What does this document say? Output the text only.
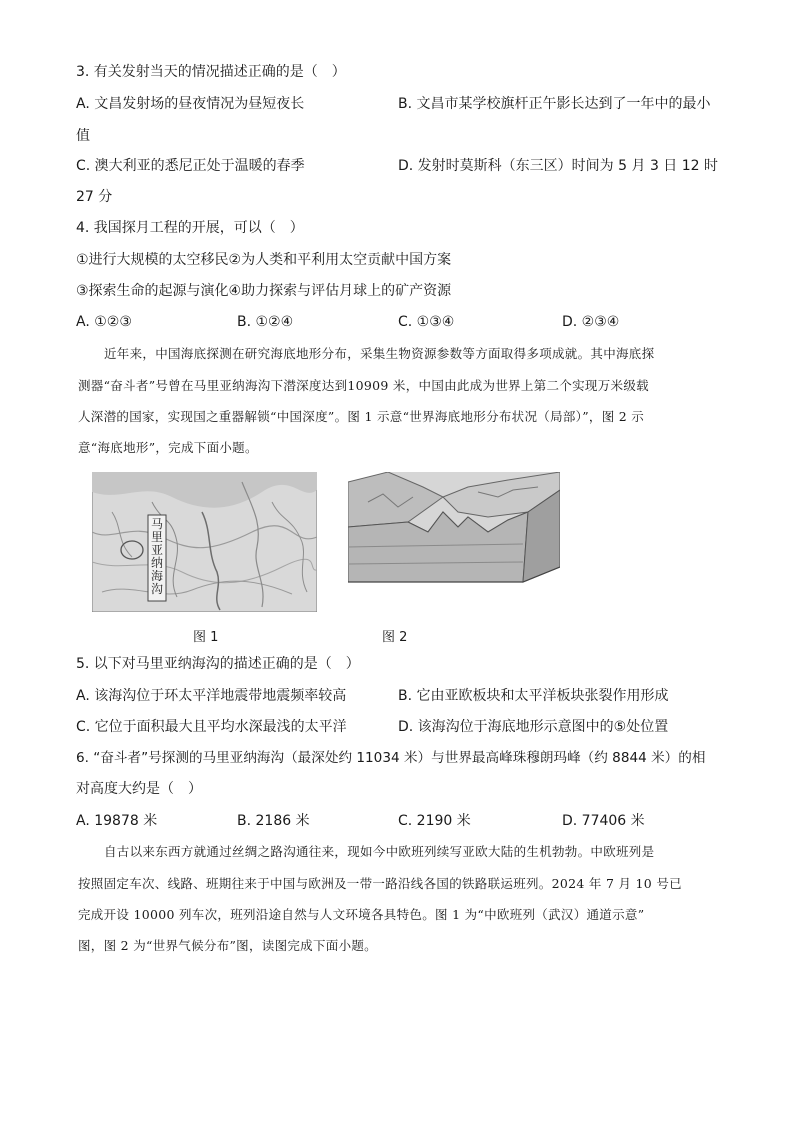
3. 有关发射当天的情况描述正确的是（　）
A. 文昌发射场的昼夜情况为昼短夜长	B. 文昌市某学校旗杆正午影长达到了一年中的最小
值
C. 澳大利亚的悉尼正处于温暖的春季	D. 发射时莫斯科（东三区）时间为 5 月 3 日 12 时
27 分
4. 我国探月工程的开展，可以（　）
①进行大规模的太空移民②为人类和平利用太空贡献中国方案
③探索生命的起源与演化④助力探索与评估月球上的矿产资源
A. ①②③	B. ①②④	C. ①③④	D. ②③④
近年来，中国海底探测在研究海底地形分布，采集生物资源参数等方面取得多项成就。其中海底探
测器“奋斗者”号曾在马里亚纳海沟下潜深度达到10909 米，中国由此成为世界上第二个实现万米级载
人深潜的国家，实现国之重器解锁“中国深度”。图 1 示意“世界海底地形分布状况（局部）”，图 2 示
意“海底地形”，完成下面小题。
马里亚纳海沟
图 1	图 2
5. 以下对马里亚纳海沟的描述正确的是（　）
A. 该海沟位于环太平洋地震带地震频率较高	B. 它由亚欧板块和太平洋板块张裂作用形成
C. 它位于面积最大且平均水深最浅的太平洋	D. 该海沟位于海底地形示意图中的⑤处位置
6. “奋斗者”号探测的马里亚纳海沟（最深处约 11034 米）与世界最高峰珠穆朗玛峰（约 8844 米）的相
对高度大约是（　）
A. 19878 米	B. 2186 米	C. 2190 米	D. 77406 米
自古以来东西方就通过丝绸之路沟通往来，现如今中欧班列续写亚欧大陆的生机勃勃。中欧班列是
按照固定车次、线路、班期往来于中国与欧洲及一带一路沿线各国的铁路联运班列。2024 年 7 月 10 号已
完成开设 10000 列车次，班列沿途自然与人文环境各具特色。图 1 为“中欧班列（武汉）通道示意”
图，图 2 为“世界气候分布”图，读图完成下面小题。
